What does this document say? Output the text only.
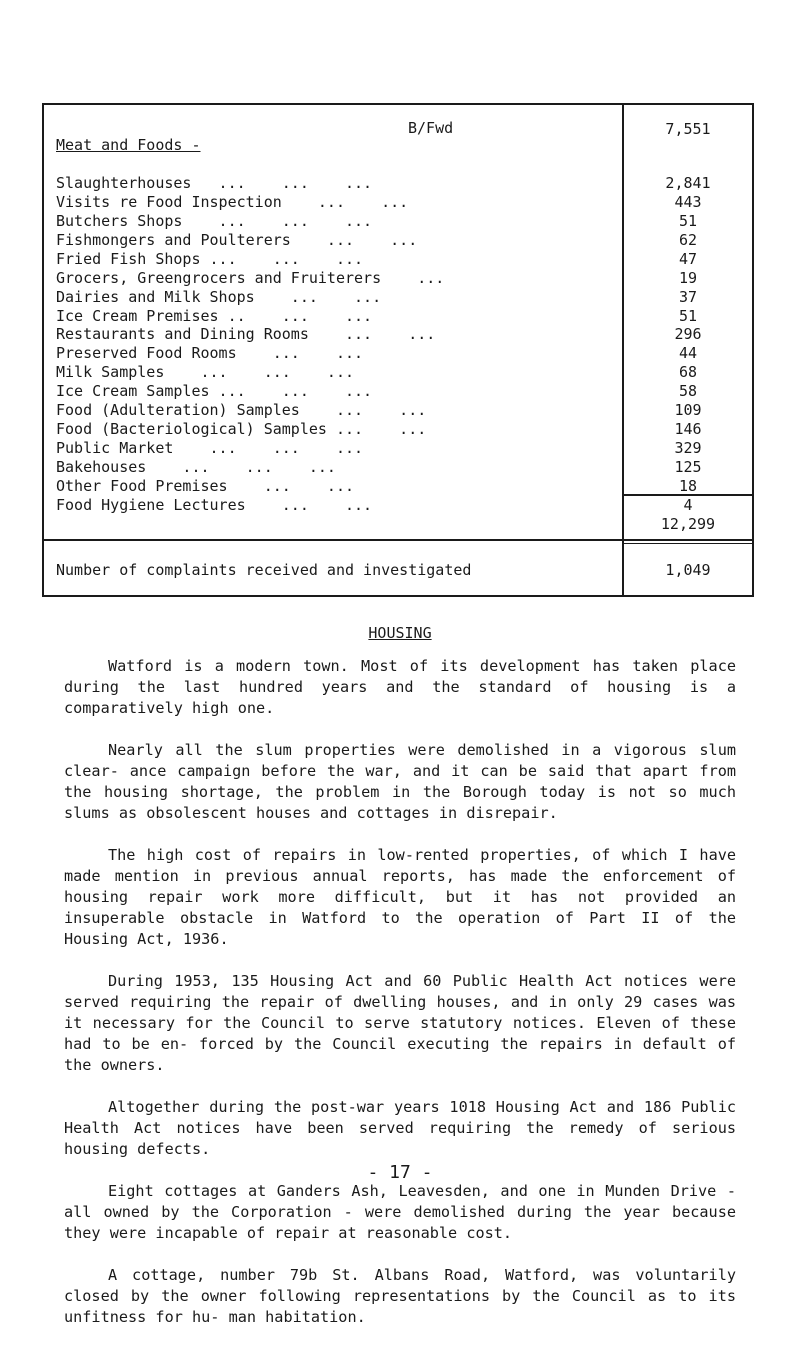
B/Fwd	7,551
Meat and Foods -
Slaughterhouses   ...    ...    ...	2,841
Visits re Food Inspection    ...    ...	443
Butchers Shops    ...    ...    ...	51
Fishmongers and Poulterers    ...    ...	62
Fried Fish Shops ...    ...    ...	47
Grocers, Greengrocers and Fruiterers    ...	19
Dairies and Milk Shops    ...    ...	37
Ice Cream Premises ..    ...    ...	51
Restaurants and Dining Rooms    ...    ...	296
Preserved Food Rooms    ...    ...	44
Milk Samples    ...    ...    ...	68
Ice Cream Samples ...    ...    ...	58
Food (Adulteration) Samples    ...    ...	109
Food (Bacteriological) Samples ...    ...	146
Public Market    ...    ...    ...	329
Bakehouses    ...    ...    ...	125
Other Food Premises    ...    ...	18
Food Hygiene Lectures    ...    ...	4
12,299
Number of complaints received and investigated	1,049
HOUSING

Watford is a modern town. Most of its development has taken place during the last hundred years and the standard of housing is a comparatively high one.

Nearly all the slum properties were demolished in a vigorous slum clear- ance campaign before the war, and it can be said that apart from the housing shortage, the problem in the Borough today is not so much slums as obsolescent houses and cottages in disrepair.

The high cost of repairs in low-rented properties, of which I have made mention in previous annual reports, has made the enforcement of housing repair work more difficult, but it has not provided an insuperable obstacle in Watford to the operation of Part II of the Housing Act, 1936.

During 1953, 135 Housing Act and 60 Public Health Act notices were served requiring the repair of dwelling houses, and in only 29 cases was it necessary for the Council to serve statutory notices. Eleven of these had to be en- forced by the Council executing the repairs in default of the owners.

Altogether during the post-war years 1018 Housing Act and 186 Public Health Act notices have been served requiring the remedy of serious housing defects.

Eight cottages at Ganders Ash, Leavesden, and one in Munden Drive - all owned by the Corporation - were demolished during the year because they were incapable of repair at reasonable cost.

A cottage, number 79b St. Albans Road, Watford, was voluntarily closed by the owner following representations by the Council as to its unfitness for hu- man habitation.

- 17 -
